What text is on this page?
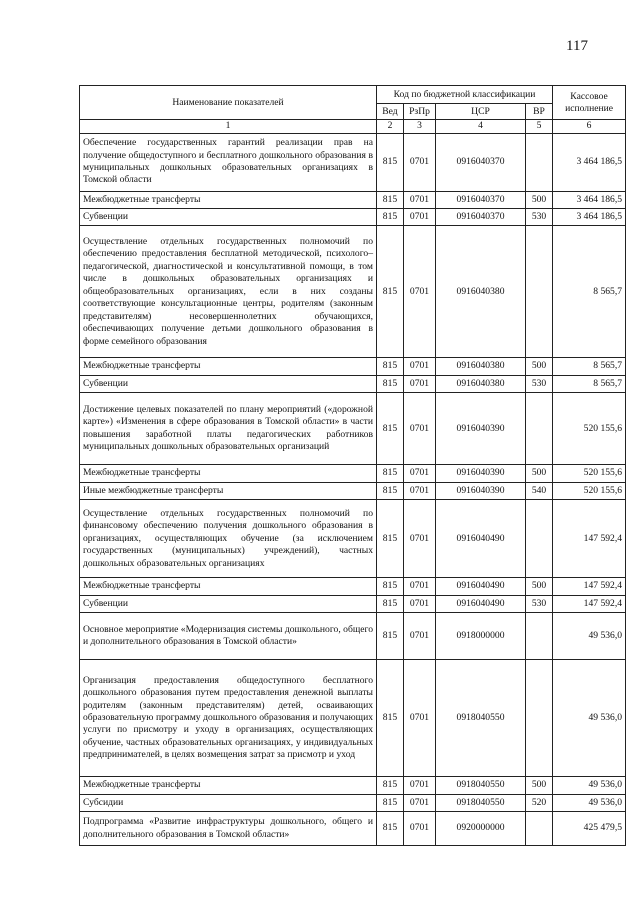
117
Наименование показателей	Код по бюджетной классификации				Кассовое исполнение
	Вед	РзПр	ЦСР	ВР	
1	2	3	4	5	6
Обеспечение государственных гарантий реализации прав на получение общедоступного и бесплатного дошкольного образования в муниципальных дошкольных образовательных организациях в Томской области	815	0701	0916040370		3 464 186,5
Межбюджетные трансферты	815	0701	0916040370	500	3 464 186,5
Субвенции	815	0701	0916040370	530	3 464 186,5
Осуществление отдельных государственных полномочий по обеспечению предоставления бесплатной методической, психолого–педагогической, диагностической и консультативной помощи, в том числе в дошкольных образовательных организациях и общеобразовательных организациях, если в них созданы соответствующие консультационные центры, родителям (законным представителям) несовершеннолетних обучающихся, обеспечивающих получение детьми дошкольного образования в форме семейного образования	815	0701	0916040380		8 565,7
Межбюджетные трансферты	815	0701	0916040380	500	8 565,7
Субвенции	815	0701	0916040380	530	8 565,7
Достижение целевых показателей по плану мероприятий («дорожной карте») «Изменения в сфере образования в Томской области» в части повышения заработной платы педагогических работников муниципальных дошкольных образовательных организаций	815	0701	0916040390		520 155,6
Межбюджетные трансферты	815	0701	0916040390	500	520 155,6
Иные межбюджетные трансферты	815	0701	0916040390	540	520 155,6
Осуществление отдельных государственных полномочий по финансовому обеспечению получения дошкольного образования в организациях, осуществляющих обучение (за исключением государственных (муниципальных) учреждений), частных дошкольных образовательных организациях	815	0701	0916040490		147 592,4
Межбюджетные трансферты	815	0701	0916040490	500	147 592,4
Субвенции	815	0701	0916040490	530	147 592,4
Основное мероприятие «Модернизация системы дошкольного, общего и дополнительного образования в Томской области»	815	0701	0918000000		49 536,0
Организация предоставления общедоступного бесплатного дошкольного образования путем предоставления денежной выплаты родителям (законным представителям) детей, осваивающих образовательную программу дошкольного образования и получающих услуги по присмотру и уходу в организациях, осуществляющих обучение, частных образовательных организациях, у индивидуальных предпринимателей, в целях возмещения затрат за присмотр и уход	815	0701	0918040550		49 536,0
Межбюджетные трансферты	815	0701	0918040550	500	49 536,0
Субсидии	815	0701	0918040550	520	49 536,0
Подпрограмма «Развитие инфраструктуры дошкольного, общего и дополнительного образования в Томской области»	815	0701	0920000000		425 479,5
